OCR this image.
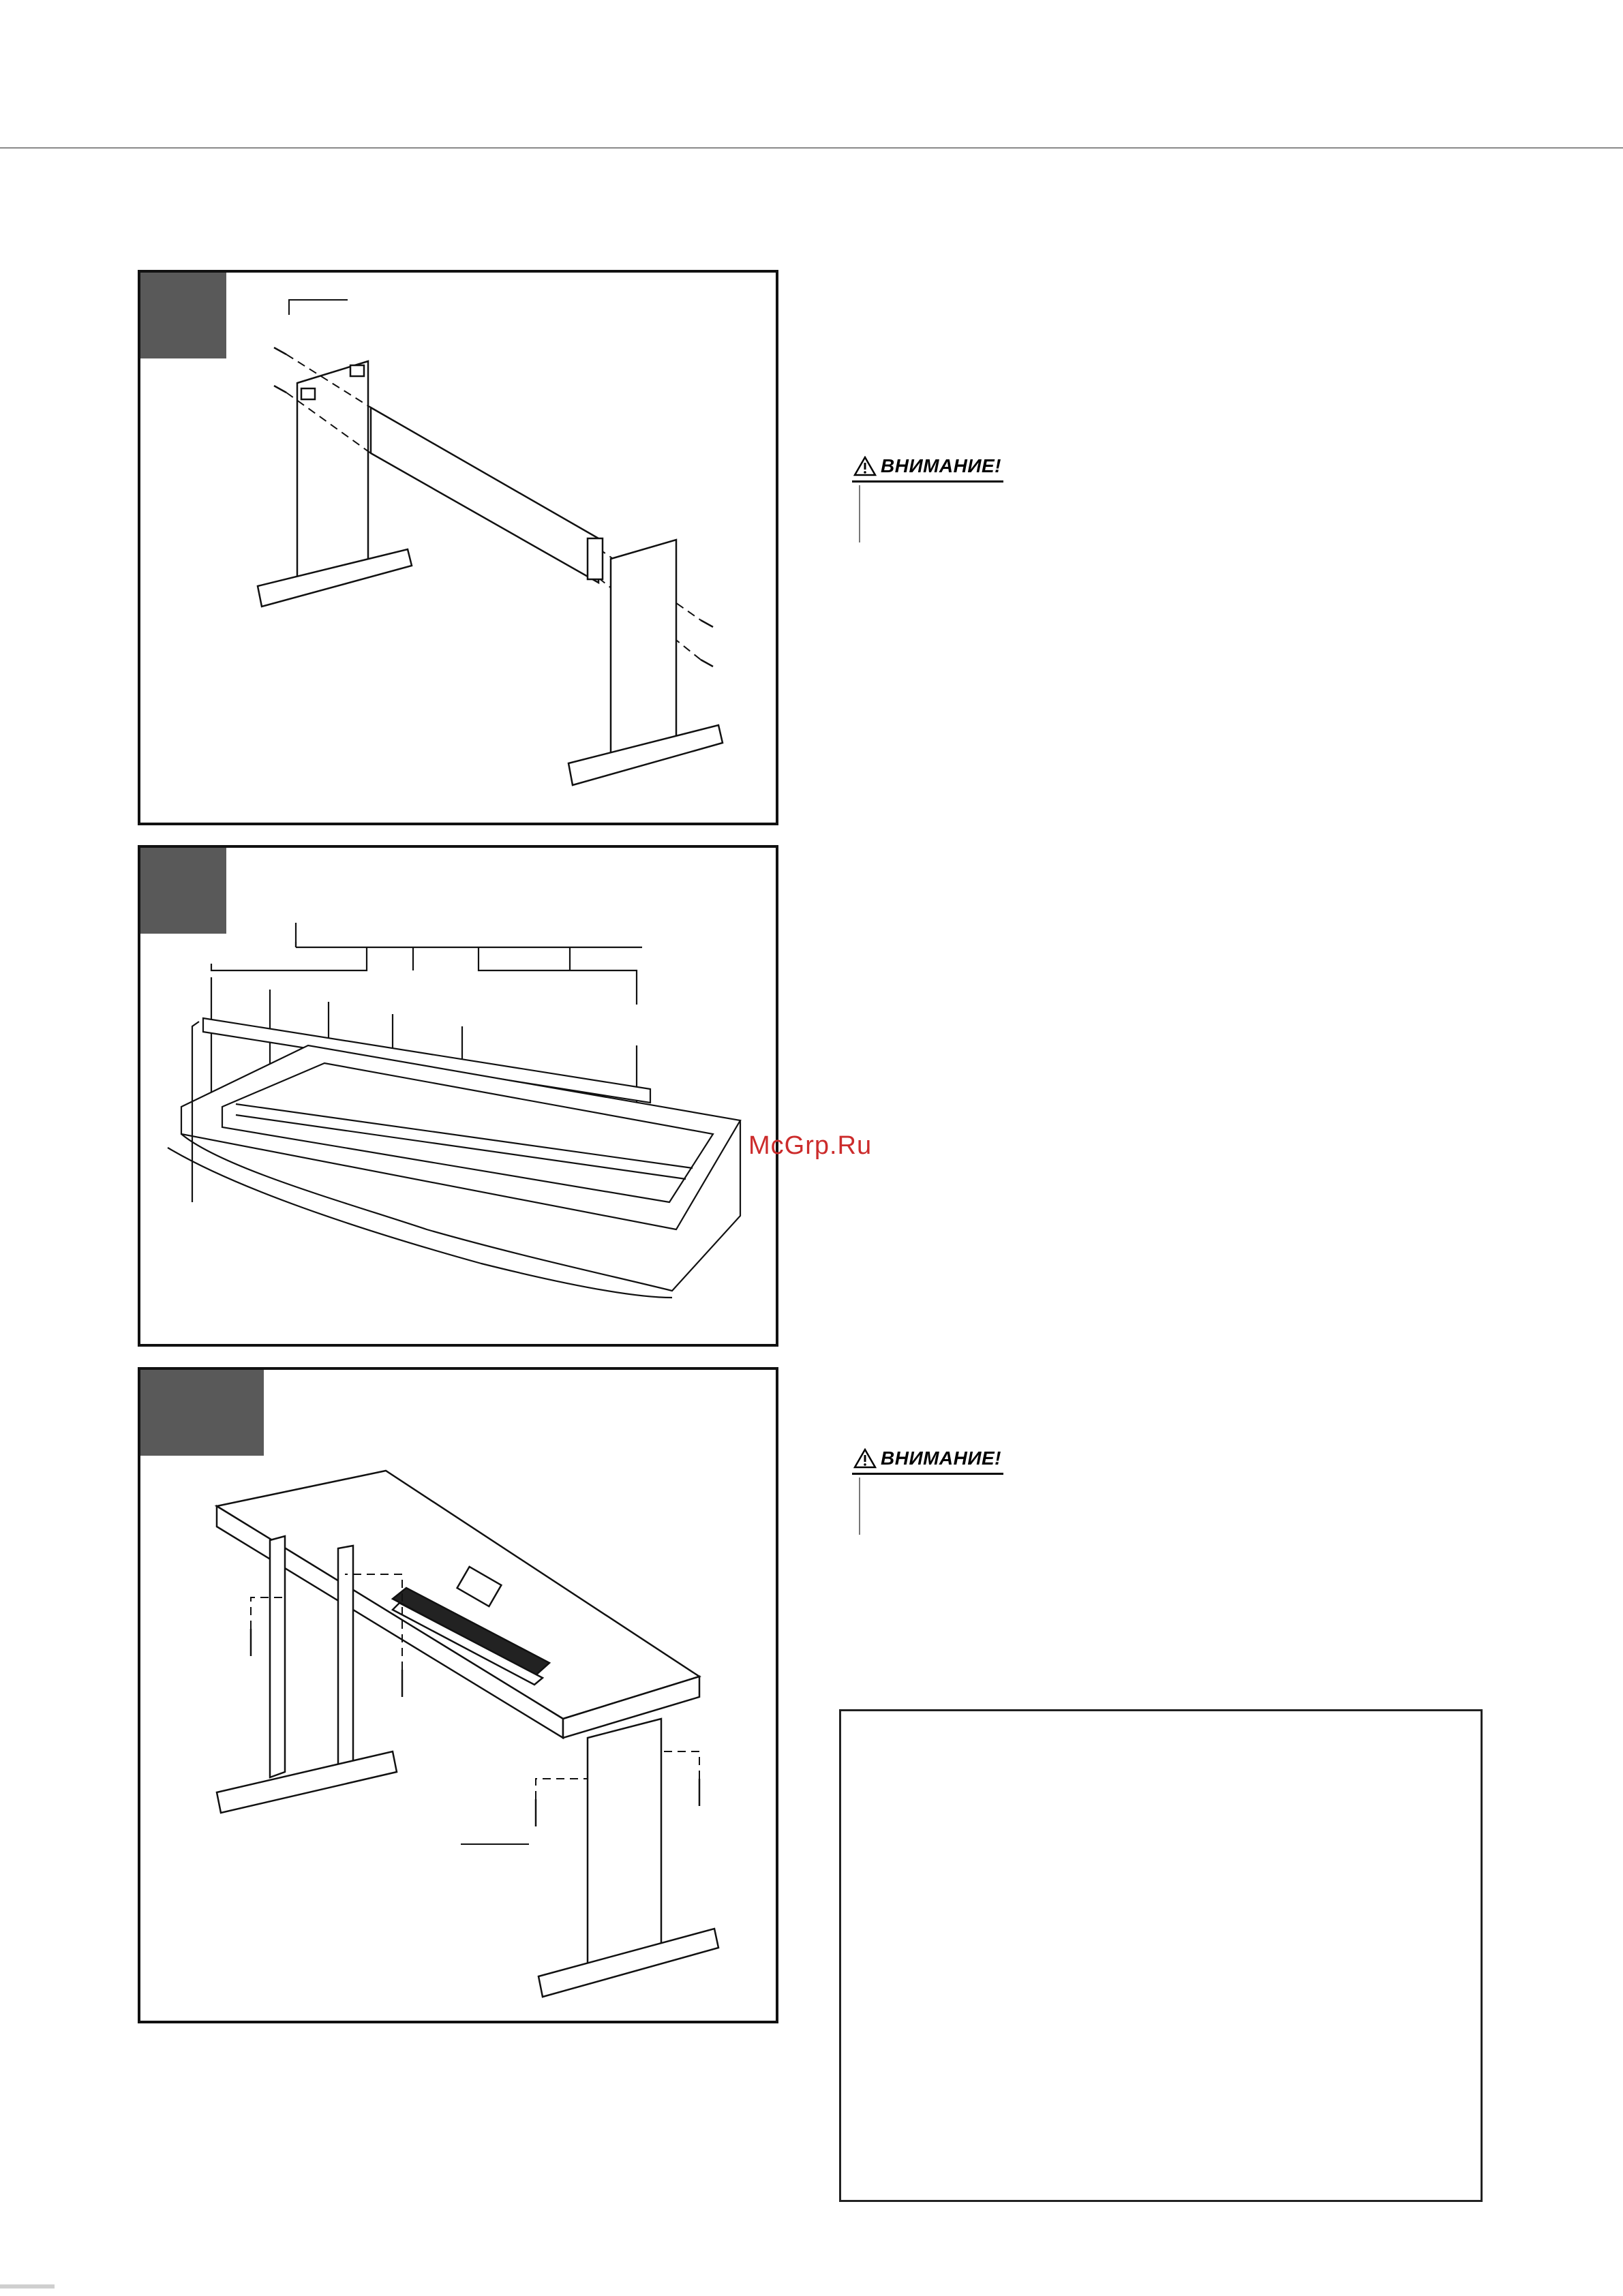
ВНИМАНИЕ!
McGrp.Ru
ВНИМАНИЕ!
